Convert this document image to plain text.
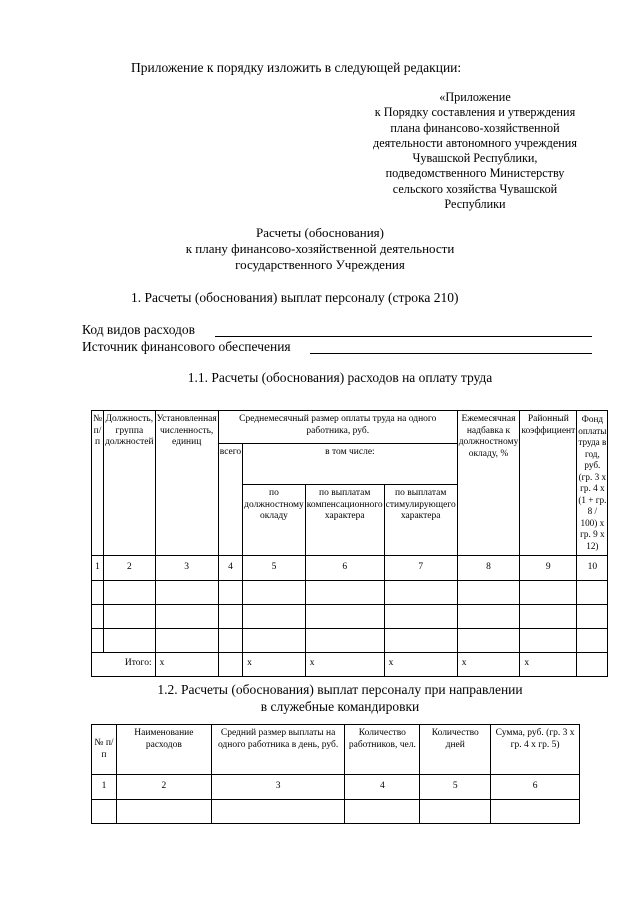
Приложение к порядку изложить в следующей редакции:
«Приложение
к Порядку составления и утверждения
плана финансово-хозяйственной
деятельности автономного учреждения
Чувашской Республики,
подведомственного Министерству
сельского хозяйства Чувашской
Республики
Расчеты (обоснования)
к плану финансово-хозяйственной деятельности
государственного Учреждения
1. Расчеты (обоснования) выплат персоналу (строка 210)
Код видов расходов
Источник финансового обеспечения
1.1. Расчеты (обоснования) расходов на оплату труда
№ п/п	Должность, группа должностей	Установленная численность, единиц	Среднемесячный размер оплаты труда на одного работника, руб.				Ежемесячная надбавка к должностному окладу, %	Районный коэффициент	Фонд оплаты труда в год, руб. (гр. 3 x гр. 4 x (1 + гр. 8 / 100) x гр. 9 x 12)
			всего	в том числе:					
				по должностному окладу	по выплатам компенсационного характера	по выплатам стимулирующего характера			
1	2	3	4	5	6	7	8	9	10

Итого:		x		x	x	x	x	x	
1.2. Расчеты (обоснования) выплат персоналу при направлении
в служебные командировки
№ п/п	Наименование расходов	Средний размер выплаты на одного работника в день, руб.	Количество работников, чел.	Количество дней	Сумма, руб. (гр. 3 x гр. 4 x гр. 5)
1	2	3	4	5	6
